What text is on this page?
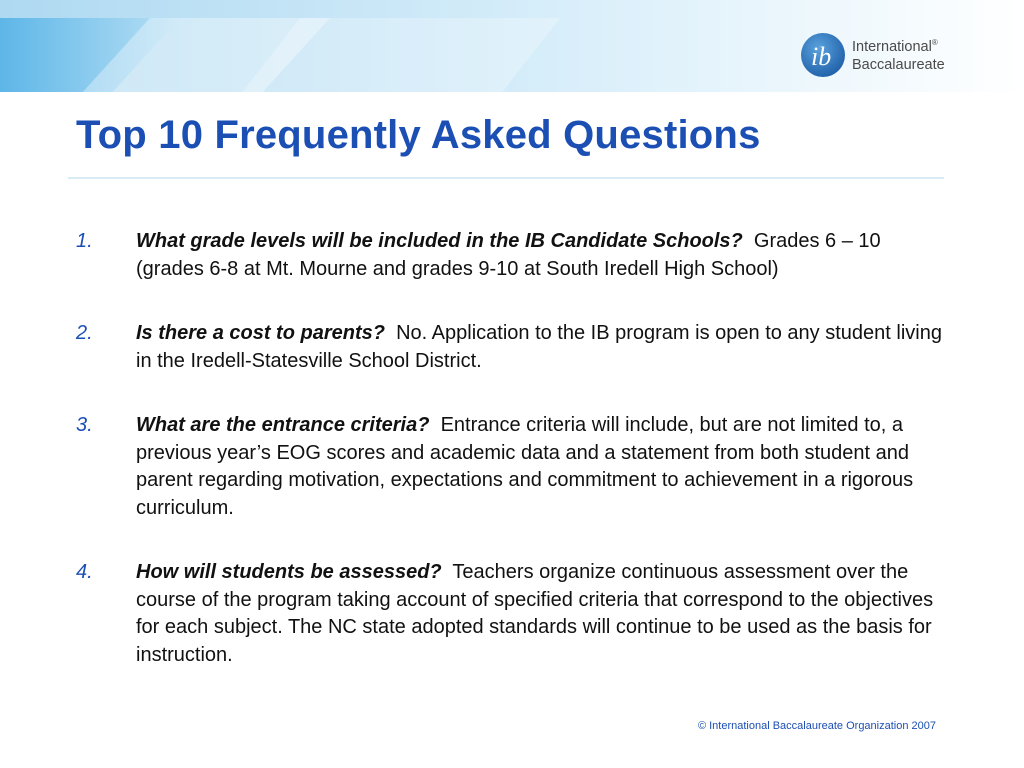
ib International®
Baccalaureate
Top 10 Frequently Asked Questions
1. What grade levels will be included in the IB Candidate Schools? Grades 6 – 10 (grades 6-8 at Mt. Mourne and grades 9-10 at South Iredell High School)
2. Is there a cost to parents? No. Application to the IB program is open to any student living in the Iredell-Statesville School District.
3. What are the entrance criteria? Entrance criteria will include, but are not limited to, a previous year’s EOG scores and academic data and a statement from both student and parent regarding motivation, expectations and commitment to achievement in a rigorous curriculum.
4. How will students be assessed? Teachers organize continuous assessment over the course of the program taking account of specified criteria that correspond to the objectives for each subject. The NC state adopted standards will continue to be used as the basis for instruction.
© International Baccalaureate Organization 2007
